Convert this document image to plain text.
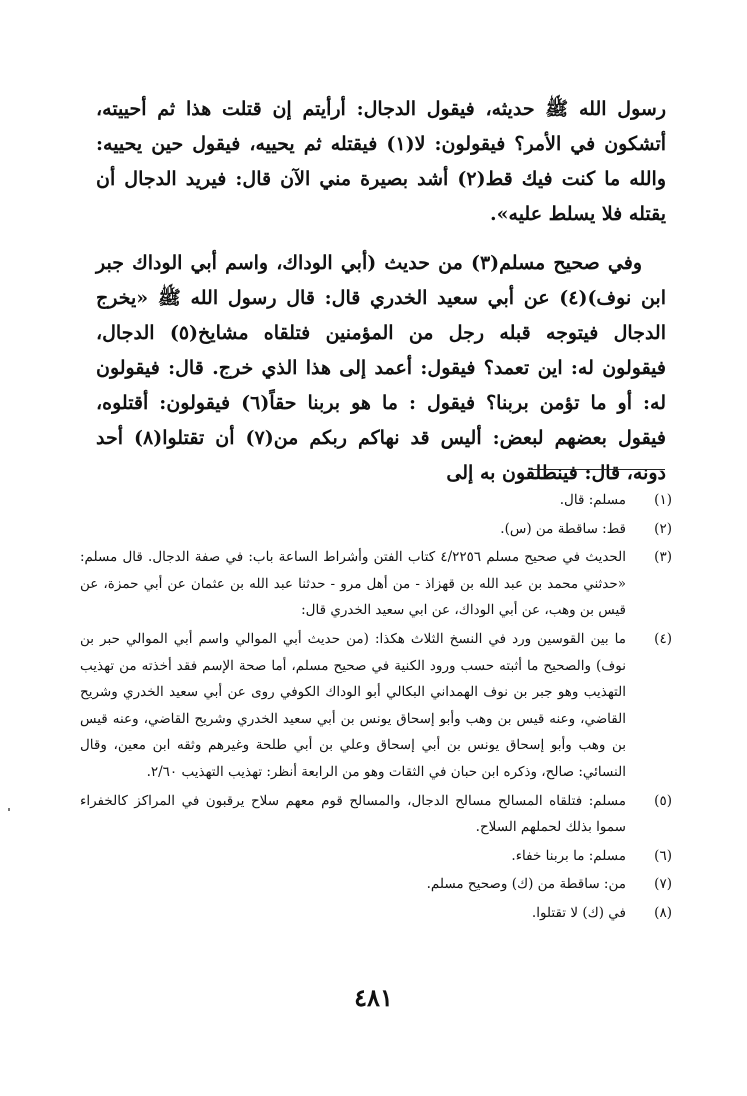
رسول الله ﷺ حديثه، فيقول الدجال: أرأيتم إن قتلت هذا ثم أحييته، أتشكون في الأمر؟ فيقولون: لا(١) فيقتله ثم يحييه، فيقول حين يحييه: والله ما كنت فيك قط(٢) أشد بصيرة مني الآن قال: فيريد الدجال أن يقتله فلا يسلط عليه».

وفي صحيح مسلم(٣) من حديث (أبي الوداك، واسم أبي الوداك جبر ابن نوف)(٤) عن أبي سعيد الخدري قال: قال رسول الله ﷺ «يخرج الدجال فيتوجه قبله رجل من المؤمنين فتلقاه مشايخ(٥) الدجال، فيقولون له: اين تعمد؟ فيقول: أعمد إلى هذا الذي خرج. قال: فيقولون له: أو ما تؤمن بربنا؟ فيقول : ما هو بربنا حقاً(٦) فيقولون: أقتلوه، فيقول بعضهم لبعض: أليس قد نهاكم ربكم من(٧) أن تقتلوا(٨) أحد دونه، قال: فينطلقون به إلى

(١)
مسلم: قال.
(٢)
قط: ساقطة من (س).
(٣)
الحديث في صحيح مسلم ٤/٢٢٥٦ كتاب الفتن وأشراط الساعة باب: في صفة الدجال. قال مسلم: «حدثني محمد بن عبد الله بن قهزاذ - من أهل مرو - حدثنا عبد الله بن عثمان عن أبي حمزة، عن قيس بن وهب، عن أبي الوداك، عن ابي سعيد الخدري قال:
(٤)
ما بين القوسين ورد في النسخ الثلاث هكذا: (من حديث أبي الموالي واسم أبي الموالي حبر بن نوف) والصحيح ما أثبته حسب ورود الكنية في صحيح مسلم، أما صحة الإسم فقد أخذته من تهذيب التهذيب وهو جبر بن نوف الهمداني البكالي أبو الوداك الكوفي روى عن أبي سعيد الخدري وشريح القاضي، وعنه قيس بن وهب وأبو إسحاق يونس بن أبي سعيد الخدري وشريح القاضي، وعنه قيس بن وهب وأبو إسحاق يونس بن أبي إسحاق وعلي بن أبي طلحة وغيرهم وثقه ابن معين، وقال النسائي: صالح، وذكره ابن حبان في الثقات وهو من الرابعة أنظر: تهذيب التهذيب ٢/٦٠.
(٥)
مسلم: فتلقاه المسالح مسالح الدجال، والمسالح قوم معهم سلاح يرقبون في المراكز كالخفراء سموا بذلك لحملهم السلاح.
(٦)
مسلم: ما بربنا خفاء.
(٧)
من: ساقطة من (ك) وصحيح مسلم.
(٨)
في (ك) لا تقتلوا.
٤٨١
